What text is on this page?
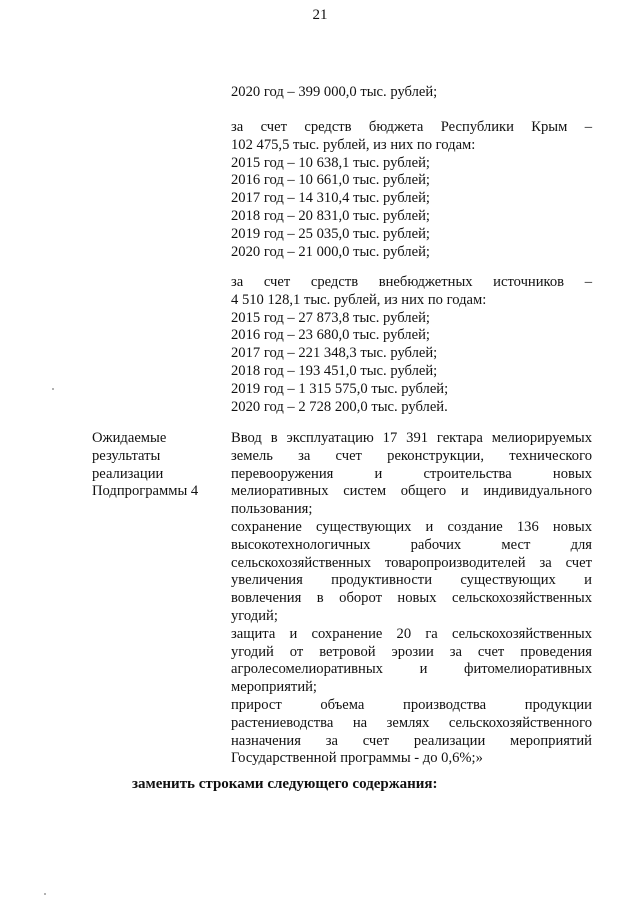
21
2020 год – 399 000,0 тыс. рублей;
за счет средств бюджета Республики Крым –
102 475,5 тыс. рублей, из них по годам:
2015 год – 10 638,1 тыс. рублей;
2016 год – 10 661,0 тыс. рублей;
2017 год – 14 310,4 тыс. рублей;
2018 год – 20 831,0 тыс. рублей;
2019 год – 25 035,0 тыс. рублей;
2020 год – 21 000,0 тыс. рублей;
за счет средств внебюджетных источников –
4 510 128,1 тыс. рублей, из них по годам:
2015 год – 27 873,8 тыс. рублей;
2016 год – 23 680,0 тыс. рублей;
2017 год – 221 348,3 тыс. рублей;
2018 год – 193 451,0 тыс. рублей;
2019 год – 1 315 575,0 тыс. рублей;
2020 год – 2 728 200,0 тыс. рублей.
Ожидаемые
результаты
реализации
Подпрограммы 4
Ввод в эксплуатацию 17 391 гектара мелиорируемых
земель за счет реконструкции, технического
перевооружения и строительства новых
мелиоративных систем общего и индивидуального
пользования;
сохранение существующих и создание 136 новых
высокотехнологичных рабочих мест для
сельскохозяйственных товаропроизводителей за счет
увеличения продуктивности существующих и
вовлечения в оборот новых сельскохозяйственных
угодий;
защита и сохранение 20 га сельскохозяйственных
угодий от ветровой эрозии за счет проведения
агролесомелиоративных и фитомелиоративных
мероприятий;
прирост объема производства продукции
растениеводства на землях сельскохозяйственного
назначения за счет реализации мероприятий
Государственной программы - до 0,6%;»
заменить строками следующего содержания:
